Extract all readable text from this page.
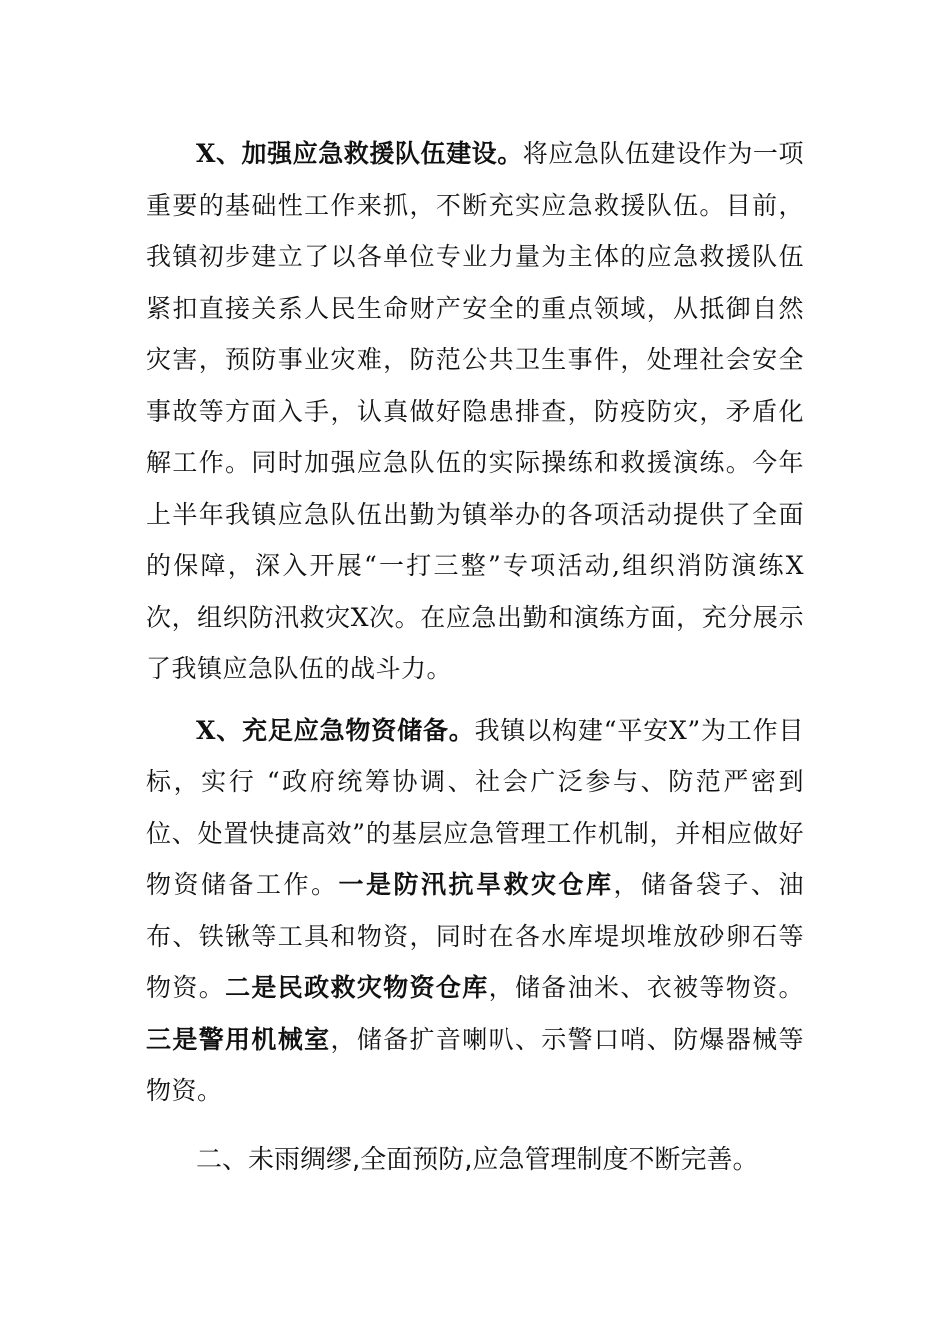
X、加强应急救援队伍建设。将应急队伍建设作为一项重要的基础性工作来抓，不断充实应急救援队伍。目前，我镇初步建立了以各单位专业力量为主体的应急救援队伍紧扣直接关系人民生命财产安全的重点领域，从抵御自然灾害，预防事业灾难，防范公共卫生事件，处理社会安全事故等方面入手，认真做好隐患排查，防疫防灾，矛盾化解工作。同时加强应急队伍的实际操练和救援演练。今年上半年我镇应急队伍出勤为镇举办的各项活动提供了全面的保障，深入开展“一打三整”专项活动,组织消防演练X次，组织防汛救灾X次。在应急出勤和演练方面，充分展示了我镇应急队伍的战斗力。

X、充足应急物资储备。我镇以构建“平安X”为工作目标，实行 “政府统筹协调、社会广泛参与、防范严密到位、处置快捷高效”的基层应急管理工作机制，并相应做好物资储备工作。一是防汛抗旱救灾仓库，储备袋子、油布、铁锹等工具和物资，同时在各水库堤坝堆放砂卵石等物资。二是民政救灾物资仓库，储备油米、衣被等物资。三是警用机械室，储备扩音喇叭、示警口哨、防爆器械等物资。

二、未雨绸缪,全面预防,应急管理制度不断完善。
